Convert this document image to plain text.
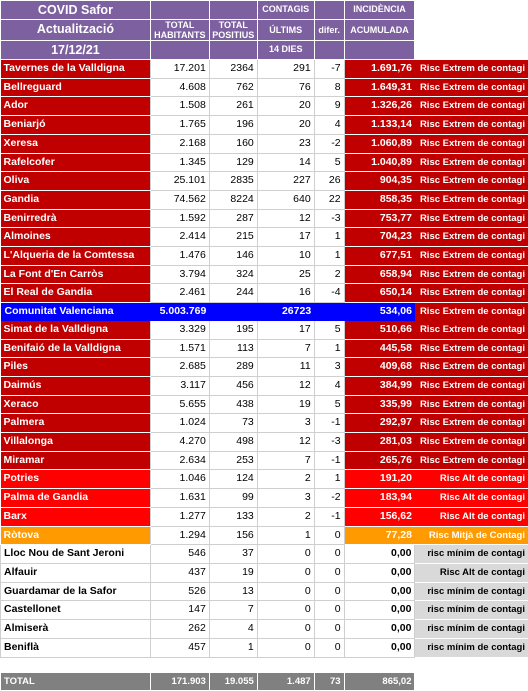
COVID Safor			CONTAGIS		INCIDÈNCIA	
Actualització	TOTAL HABITANTS	TOTAL POSITIUS	ÚLTIMS	difer.	ACUMULADA	
17/12/21			14 DIES			
Tavernes de la Valldigna	17.201	2364	291	-7	1.691,76	Risc Extrem de contagi
Bellreguard	4.608	762	76	8	1.649,31	Risc Extrem de contagi
Ador	1.508	261	20	9	1.326,26	Risc Extrem de contagi
Beniarjó	1.765	196	20	4	1.133,14	Risc Extrem de contagi
Xeresa	2.168	160	23	-2	1.060,89	Risc Extrem de contagi
Rafelcofer	1.345	129	14	5	1.040,89	Risc Extrem de contagi
Oliva	25.101	2835	227	26	904,35	Risc Extrem de contagi
Gandia	74.562	8224	640	22	858,35	Risc Extrem de contagi
Benirredrà	1.592	287	12	-3	753,77	Risc Extrem de contagi
Almoines	2.414	215	17	1	704,23	Risc Extrem de contagi
L'Alqueria de la Comtessa	1.476	146	10	1	677,51	Risc Extrem de contagi
La Font d'En Carròs	3.794	324	25	2	658,94	Risc Extrem de contagi
El Real de Gandia	2.461	244	16	-4	650,14	Risc Extrem de contagi
Comunitat Valenciana	5.003.769		26723		534,06	Risc Extrem de contagi
Simat de la Valldigna	3.329	195	17	5	510,66	Risc Extrem de contagi
Benifaió de la Valldigna	1.571	113	7	1	445,58	Risc Extrem de contagi
Piles	2.685	289	11	3	409,68	Risc Extrem de contagi
Daimús	3.117	456	12	4	384,99	Risc Extrem de contagi
Xeraco	5.655	438	19	5	335,99	Risc Extrem de contagi
Palmera	1.024	73	3	-1	292,97	Risc Extrem de contagi
Villalonga	4.270	498	12	-3	281,03	Risc Extrem de contagi
Miramar	2.634	253	7	-1	265,76	Risc Extrem de contagi
Potries	1.046	124	2	1	191,20	Risc Alt de contagi
Palma de Gandia	1.631	99	3	-2	183,94	Risc Alt de contagi
Barx	1.277	133	2	-1	156,62	Risc Alt de contagi
Ròtova	1.294	156	1	0	77,28	Risc Mitjà de Contagi
Lloc Nou de Sant Jeroni	546	37	0	0	0,00	risc mínim de contagi
Alfauir	437	19	0	0	0,00	Risc Alt de contagi
Guardamar de la Safor	526	13	0	0	0,00	risc mínim de contagi
Castellonet	147	7	0	0	0,00	risc mínim de contagi
Almiserà	262	4	0	0	0,00	risc mínim de contagi
Beniflà	457	1	0	0	0,00	risc mínim de contagi

TOTAL	171.903	19.055	1.487	73	865,02	
